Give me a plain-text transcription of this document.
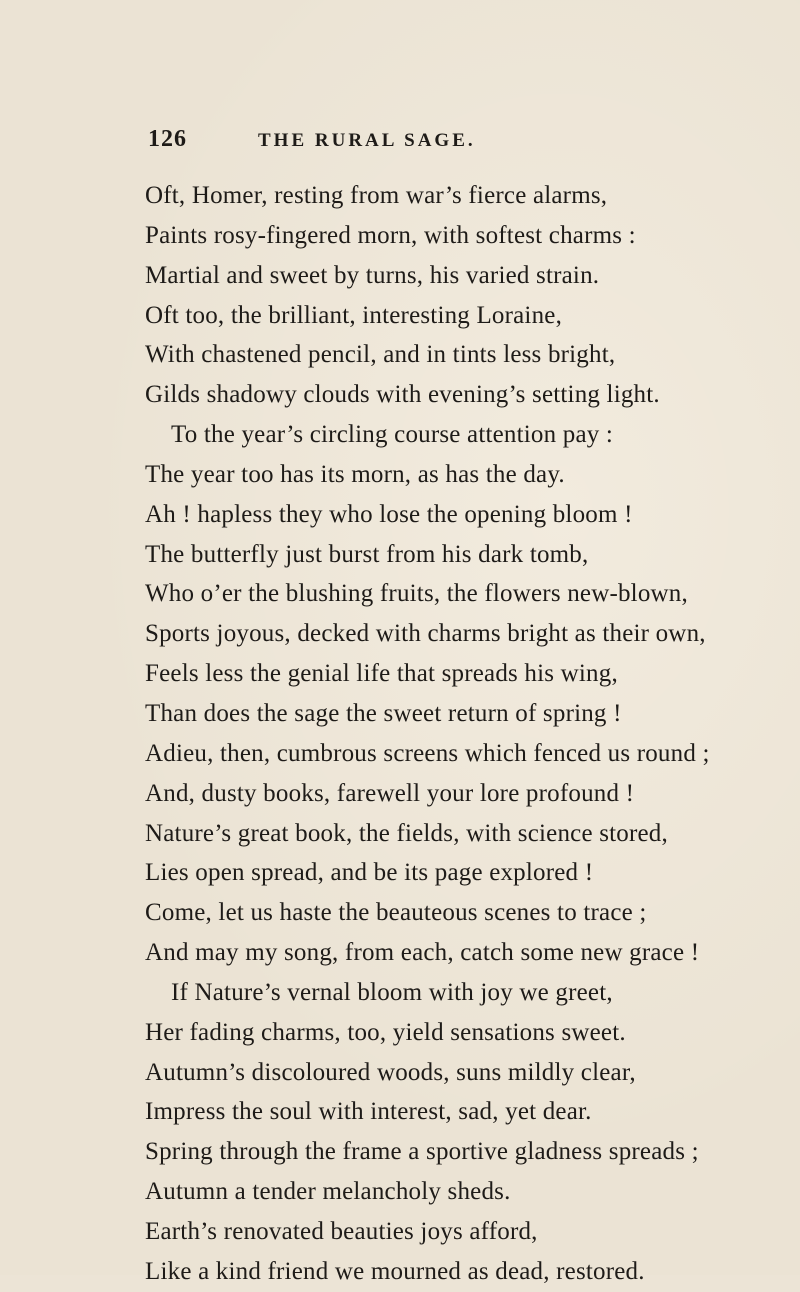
126	THE RURAL SAGE.
Oft, Homer, resting from war’s fierce alarms,
Paints rosy-fingered morn, with softest charms :
Martial and sweet by turns, his varied strain.
Oft too, the brilliant, interesting Loraine,
With chastened pencil, and in tints less bright,
Gilds shadowy clouds with evening’s setting light.
To the year’s circling course attention pay :
The year too has its morn, as has the day.
Ah ! hapless they who lose the opening bloom !
The butterfly just burst from his dark tomb,
Who o’er the blushing fruits, the flowers new-blown,
Sports joyous, decked with charms bright as their own,
Feels less the genial life that spreads his wing,
Than does the sage the sweet return of spring !
Adieu, then, cumbrous screens which fenced us round ;
And, dusty books, farewell your lore profound !
Nature’s great book, the fields, with science stored,
Lies open spread, and be its page explored !
Come, let us haste the beauteous scenes to trace ;
And may my song, from each, catch some new grace !
If Nature’s vernal bloom with joy we greet,
Her fading charms, too, yield sensations sweet.
Autumn’s discoloured woods, suns mildly clear,
Impress the soul with interest, sad, yet dear.
Spring through the frame a sportive gladness spreads ;
Autumn a tender melancholy sheds.
Earth’s renovated beauties joys afford,
Like a kind friend we mourned as dead, restored.
